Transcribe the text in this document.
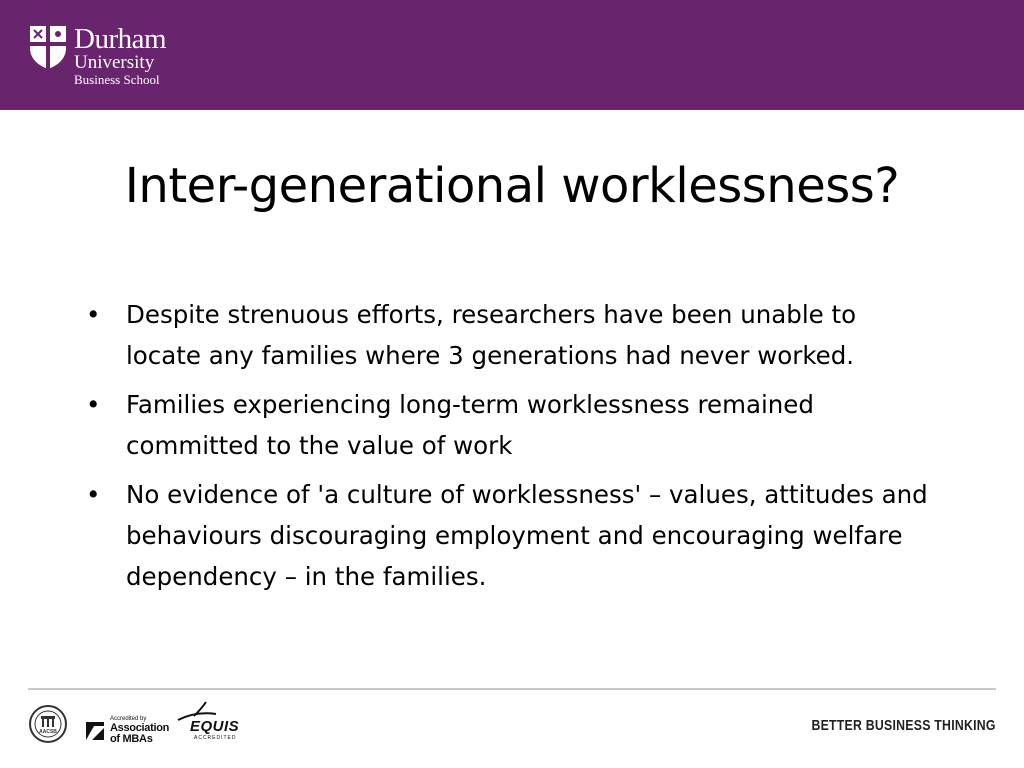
Durham
University
Business School
Inter-generational worklessness?
• Despite strenuous efforts, researchers have been unable to locate any families where 3 generations had never worked.
• Families experiencing long-term worklessness remained committed to the value of work
• No evidence of 'a culture of worklessness' – values, attitudes and behaviours discouraging employment and encouraging welfare dependency – in the families.
AACSB
Accredited by
Association
of MBAs
EQUIS
ACCREDITED
BETTER BUSINESS THINKING
